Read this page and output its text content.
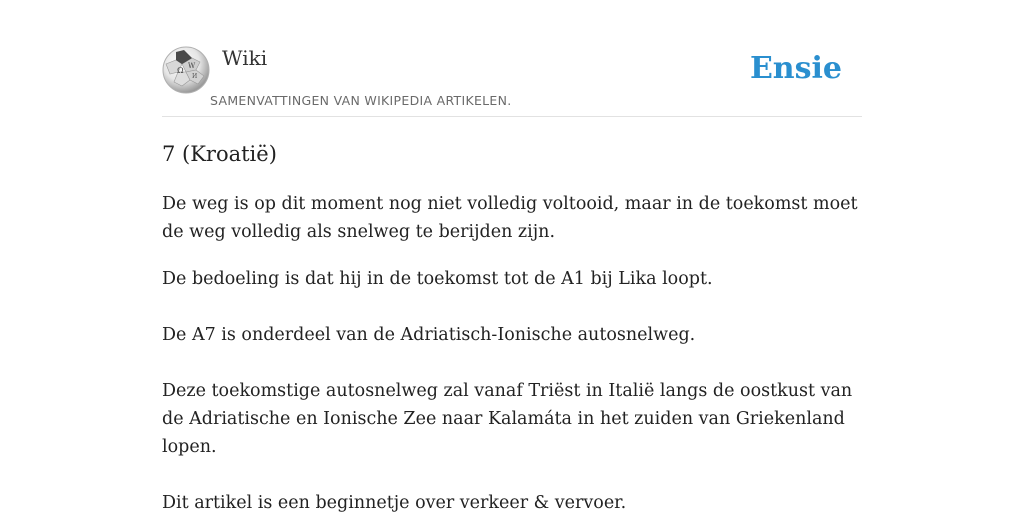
Ω W
И
Wiki
SAMENVATTINGEN VAN WIKIPEDIA ARTIKELEN.
Ensie
7 (Kroatië)

De weg is op dit moment nog niet volledig voltooid, maar in de toekomst moet de weg volledig als snelweg te berijden zijn.

De bedoeling is dat hij in de toekomst tot de A1 bij Lika loopt.

De A7 is onderdeel van de Adriatisch-Ionische autosnelweg.

Deze toekomstige autosnelweg zal vanaf Triëst in Italië langs de oostkust van de Adriatische en Ionische Zee naar Kalamáta in het zuiden van Griekenland lopen.

Dit artikel is een beginnetje over verkeer & vervoer.
